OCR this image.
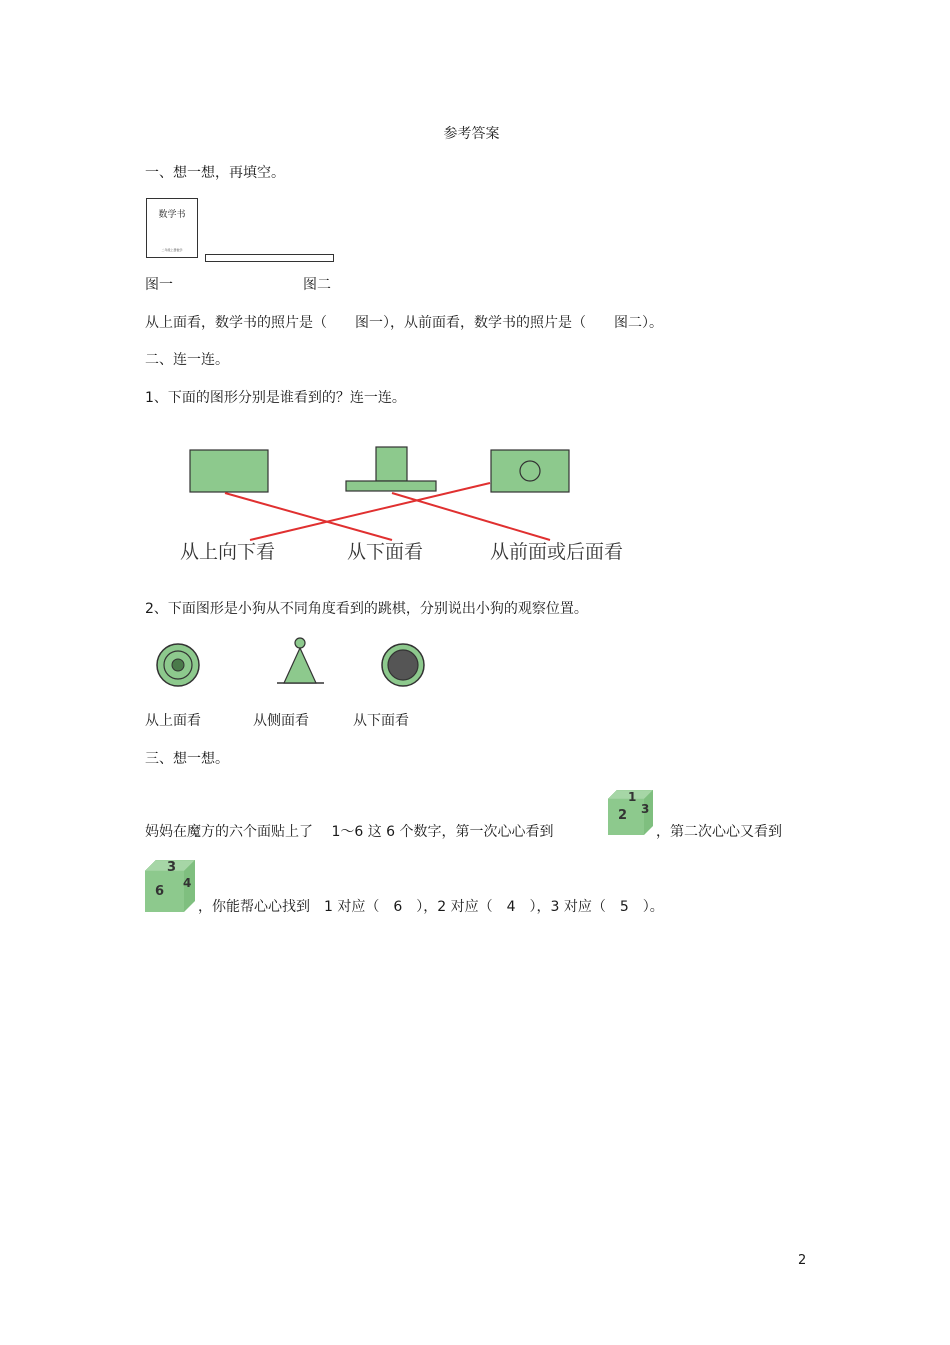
参考答案
一、想一想，再填空。
数学书
二年级上册数学
图一	图二
从上面看，数学书的照片是（　　图一），从前面看，数学书的照片是（　　图二）。
二、连一连。
1、下面的图形分别是谁看到的？连一连。
从上向下看	从下面看	从前面或后面看
2、下面图形是小狗从不同角度看到的跳棋，分别说出小狗的观察位置。
从上面看	从侧面看	从下面看
三、想一想。
妈妈在魔方的六个面贴上了　 1～6 这 6 个数字，第一次心心看到
1
2 3
，第二次心心又看到
3
6
4
，你能帮心心找到　1 对应（　6　），2 对应（　4　），3 对应（　5　）。
2
